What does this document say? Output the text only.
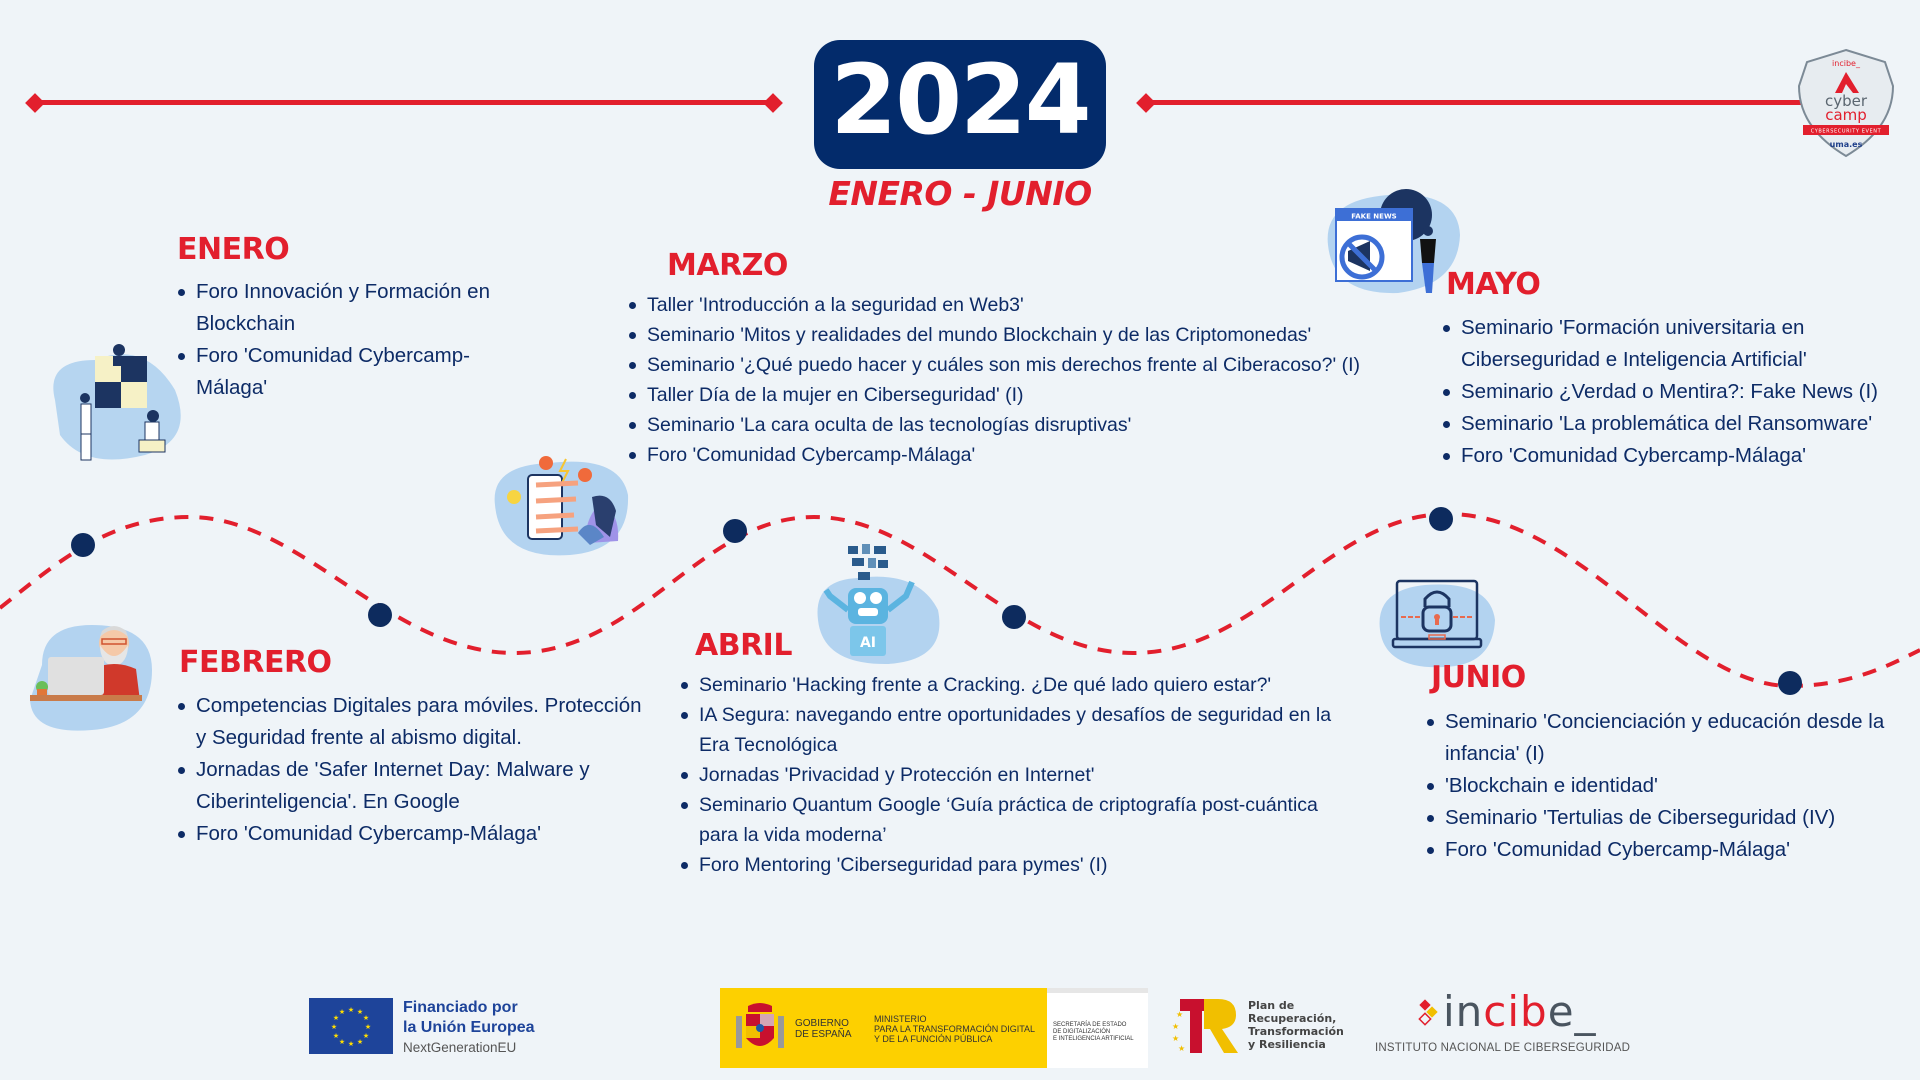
2024
ENERO - JUNIO
incibe_
cyber
camp
CYBERSECURITY EVENT
uma.es
ENERO
Foro Innovación y Formación en Blockchain
Foro 'Comunidad Cybercamp-Málaga'
FEBRERO
Competencias Digitales para móviles. Protección y Seguridad frente al abismo digital.
Jornadas de 'Safer Internet Day: Malware y Ciberinteligencia'. En Google
Foro 'Comunidad Cybercamp-Málaga'
MARZO
Taller 'Introducción a la seguridad en Web3'
Seminario 'Mitos y realidades del mundo Blockchain y de las Criptomonedas'
Seminario '¿Qué puedo hacer y cuáles son mis derechos frente al Ciberacoso?' (I)
Taller Día de la mujer en Ciberseguridad' (I)
Seminario 'La cara oculta de las tecnologías disruptivas'
Foro 'Comunidad Cybercamp-Málaga'
AI
ABRIL
Seminario 'Hacking frente a Cracking. ¿De qué lado quiero estar?'
IA Segura: navegando entre oportunidades y desafíos de seguridad en la Era Tecnológica
Jornadas 'Privacidad y Protección en Internet'
Seminario Quantum Google ‘Guía práctica de criptografía post-cuántica para la vida moderna’
Foro Mentoring 'Ciberseguridad para pymes' (I)
FAKE NEWS
MAYO
Seminario 'Formación universitaria en Ciberseguridad e Inteligencia Artificial'
Seminario ¿Verdad o Mentira?: Fake News (I)
Seminario 'La problemática del Ransomware'
Foro 'Comunidad Cybercamp-Málaga'
JUNIO
Seminario 'Concienciación y educación desde la infancia' (I)
'Blockchain e identidad'
Seminario 'Tertulias de Ciberseguridad (IV)
Foro 'Comunidad Cybercamp-Málaga'
★ ★
★
★
★
★
★
★
★
★
★
★	Financiado por
la Unión Europea
NextGenerationEU
GOBIERNO DE ESPAÑA
MINISTERIO
PARA LA TRANSFORMACIÓN DIGITAL
Y DE LA FUNCIÓN PÚBLICA
SECRETARÍA DE ESTADO
DE DIGITALIZACIÓN
E INTELIGENCIA ARTIFICIAL
★
★
★
★
Plan de
Recuperación,
Transformación
y Resiliencia
incibe_
INSTITUTO NACIONAL DE CIBERSEGURIDAD
